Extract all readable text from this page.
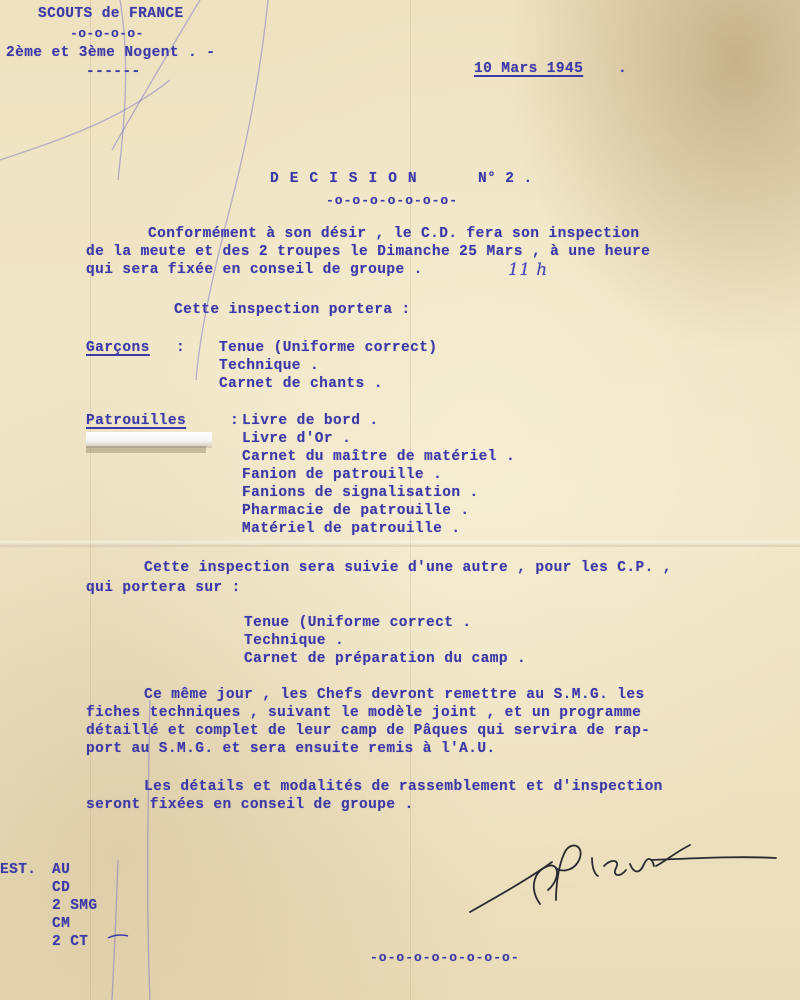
SCOUTS de FRANCE
-o-o-o-o-
2ème et 3ème Nogent . -
------	10 Mars 1945 .
DECISION	N° 2 .
-o-o-o-o-o-o-o-
Conformément à son désir , le C.D. fera son inspection
de la meute et des 2 troupes le Dimanche 25 Mars , à une heure
qui sera fixée en conseil de groupe .	11 h
Cette inspection portera :
Garçons : Tenue (Uniforme correct)
Technique .
Carnet de chants .
Patrouilles	: Livre de bord .
Livre d'Or .
Carnet du maître de matériel .
Fanion de patrouille .
Fanions de signalisation .
Pharmacie de patrouille .
Matériel de patrouille .
Cette inspection sera suivie d'une autre , pour les C.P. ,
qui portera sur :
Tenue (Uniforme correct .
Technique .
Carnet de préparation du camp .
Ce même jour , les Chefs devront remettre au S.M.G. les
fiches techniques , suivant le modèle joint , et un programme
détaillé et complet de leur camp de Pâques qui servira de rap-
port au S.M.G. et sera ensuite remis à l'A.U.
Les détails et modalités de rassemblement et d'inspection
seront fixées en conseil de groupe .
EST. AU
CD
2 SMG
CM
2 CT
-o-o-o-o-o-o-o-o-
